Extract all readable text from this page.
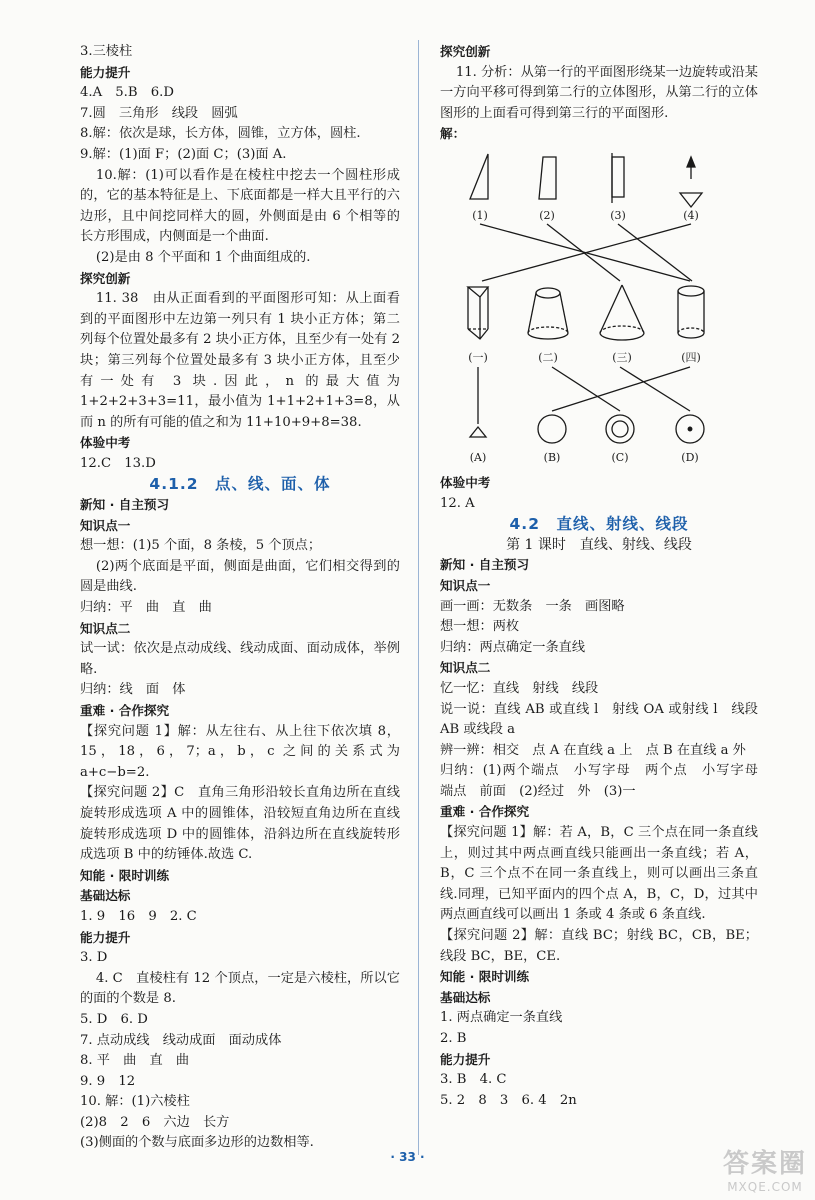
3.三棱柱

能力提升

4.A　5.B　6.D

7.圆　三角形　线段　圆弧

8.解：依次是球，长方体，圆锥，立方体，圆柱.

9.解：(1)面 F；(2)面 C；(3)面 A.

10.解：(1)可以看作是在棱柱中挖去一个圆柱形成的，它的基本特征是上、下底面都是一样大且平行的六边形，且中间挖同样大的圆，外侧面是由 6 个相等的长方形围成，内侧面是一个曲面.

(2)是由 8 个平面和 1 个曲面组成的.

探究创新

11. 38　由从正面看到的平面图形可知：从上面看到的平面图形中左边第一列只有 1 块小正方体；第二列每个位置处最多有 2 块小正方体，且至少有一处有 2 块；第三列每个位置处最多有 3 块小正方体，且至少有一处有 3 块.因此，n 的最大值为 1+2+2+3+3=11，最小值为 1+1+2+1+3=8，从而 n 的所有可能的值之和为 11+10+9+8=38.

体验中考

12.C　13.D

4.1.2　点、线、面、体

新知 · 自主预习

知识点一

想一想：(1)5 个面，8 条棱，5 个顶点；

(2)两个底面是平面，侧面是曲面，它们相交得到的圆是曲线.

归纳：平　曲　直　曲

知识点二

试一试：依次是点动成线、线动成面、面动成体，举例略.

归纳：线　面　体

重难 · 合作探究

【探究问题 1】解：从左往右、从上往下依次填 8，15，18，6，7；a，b，c 之间的关系式为 a+c−b=2.

【探究问题 2】C　直角三角形沿较长直角边所在直线旋转形成选项 A 中的圆锥体，沿较短直角边所在直线旋转形成选项 D 中的圆锥体，沿斜边所在直线旋转形成选项 B 中的纺锤体.故选 C.

知能 · 限时训练

基础达标

1. 9　16　9　2. C

能力提升

3. D

4. C　直棱柱有 12 个顶点，一定是六棱柱，所以它的面的个数是 8.

5. D　6. D

7. 点动成线　线动成面　面动成体

8. 平　曲　直　曲

9. 9　12

10. 解：(1)六棱柱

(2)8　2　6　六边　长方

(3)侧面的个数与底面多边形的边数相等.

探究创新

11. 分析：从第一行的平面图形绕某一边旋转或沿某一方向平移可得到第二行的立体图形，从第二行的立体图形的上面看可得到第三行的平面图形.

解：

(1)	(2)	(3)	(4)
(一)	(二)	(三)	(四)
(A)	(B)	(C)	(D)

体验中考

12. A

4.2　直线、射线、线段

第 1 课时　直线、射线、线段

新知 · 自主预习

知识点一

画一画：无数条　一条　画图略

想一想：两枚

归纳：两点确定一条直线

知识点二

忆一忆：直线　射线　线段

说一说：直线 AB 或直线 l　射线 OA 或射线 l　线段 AB 或线段 a

辨一辨：相交　点 A 在直线 a 上　点 B 在直线 a 外

归纳：(1)两个端点　小写字母　两个点　小写字母　端点　前面　(2)经过　外　(3)一

重难 · 合作探究

【探究问题 1】解：若 A，B，C 三个点在同一条直线上，则过其中两点画直线只能画出一条直线；若 A，B，C 三个点不在同一条直线上，则可以画出三条直线.同理，已知平面内的四个点 A，B，C，D，过其中两点画直线可以画出 1 条或 4 条或 6 条直线.

【探究问题 2】解：直线 BC；射线 BC，CB，BE；线段 BC，BE，CE.

知能 · 限时训练

基础达标

1. 两点确定一条直线

2. B

能力提升

3. B　4. C

5. 2　8　3　6. 4　2n

· 33 ·	答案圈
MXQE.COM
